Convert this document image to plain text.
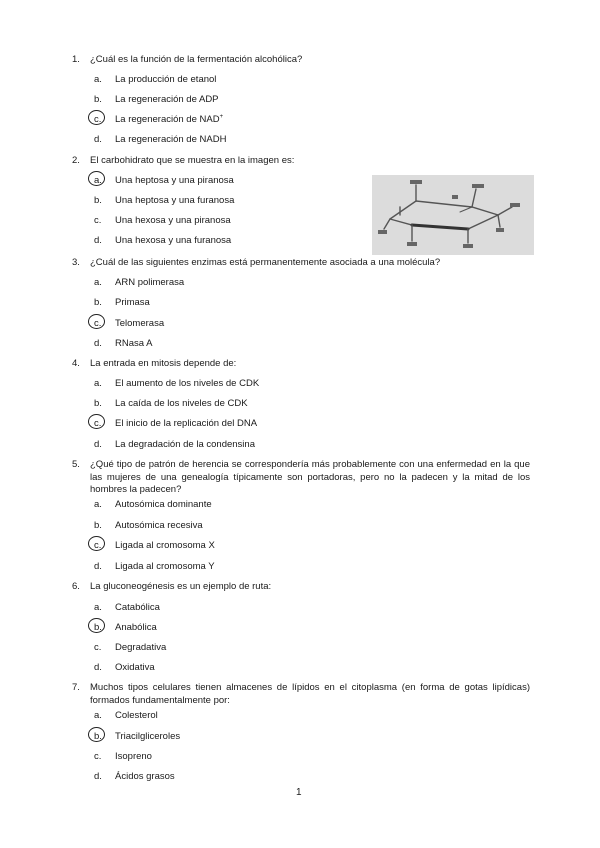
1. ¿Cuál es la función de la fermentación alcohólica?
a. La producción de etanol
b. La regeneración de ADP
c. La regeneración de NAD+
d. La regeneración de NADH
2. El carbohidrato que se muestra en la imagen es:
a. Una heptosa y una piranosa
b. Una heptosa y una furanosa
c. Una hexosa y una piranosa
d. Una hexosa y una furanosa
3. ¿Cuál de las siguientes enzimas está permanentemente asociada a una molécula?
a. ARN polimerasa
b. Primasa
c. Telomerasa
d. RNasa A
4. La entrada en mitosis depende de:
a. El aumento de los niveles de CDK
b. La caída de los niveles de CDK
c. El inicio de la replicación del DNA
d. La degradación de la condensina
5. ¿Qué tipo de patrón de herencia se correspondería más probablemente con una enfermedad en la que las mujeres de una genealogía típicamente son portadoras, pero no la padecen y la mitad de los hombres la padecen?
a. Autosómica dominante
b. Autosómica recesiva
c. Ligada al cromosoma X
d. Ligada al cromosoma Y
6. La gluconeogénesis es un ejemplo de ruta:
a. Catabólica
b. Anabólica
c. Degradativa
d. Oxidativa
7. Muchos tipos celulares tienen almacenes de lípidos en el citoplasma (en forma de gotas lipídicas) formados fundamentalmente por:
a. Colesterol
b. Triacilgliceroles
c. Isopreno
d. Ácidos grasos
1
